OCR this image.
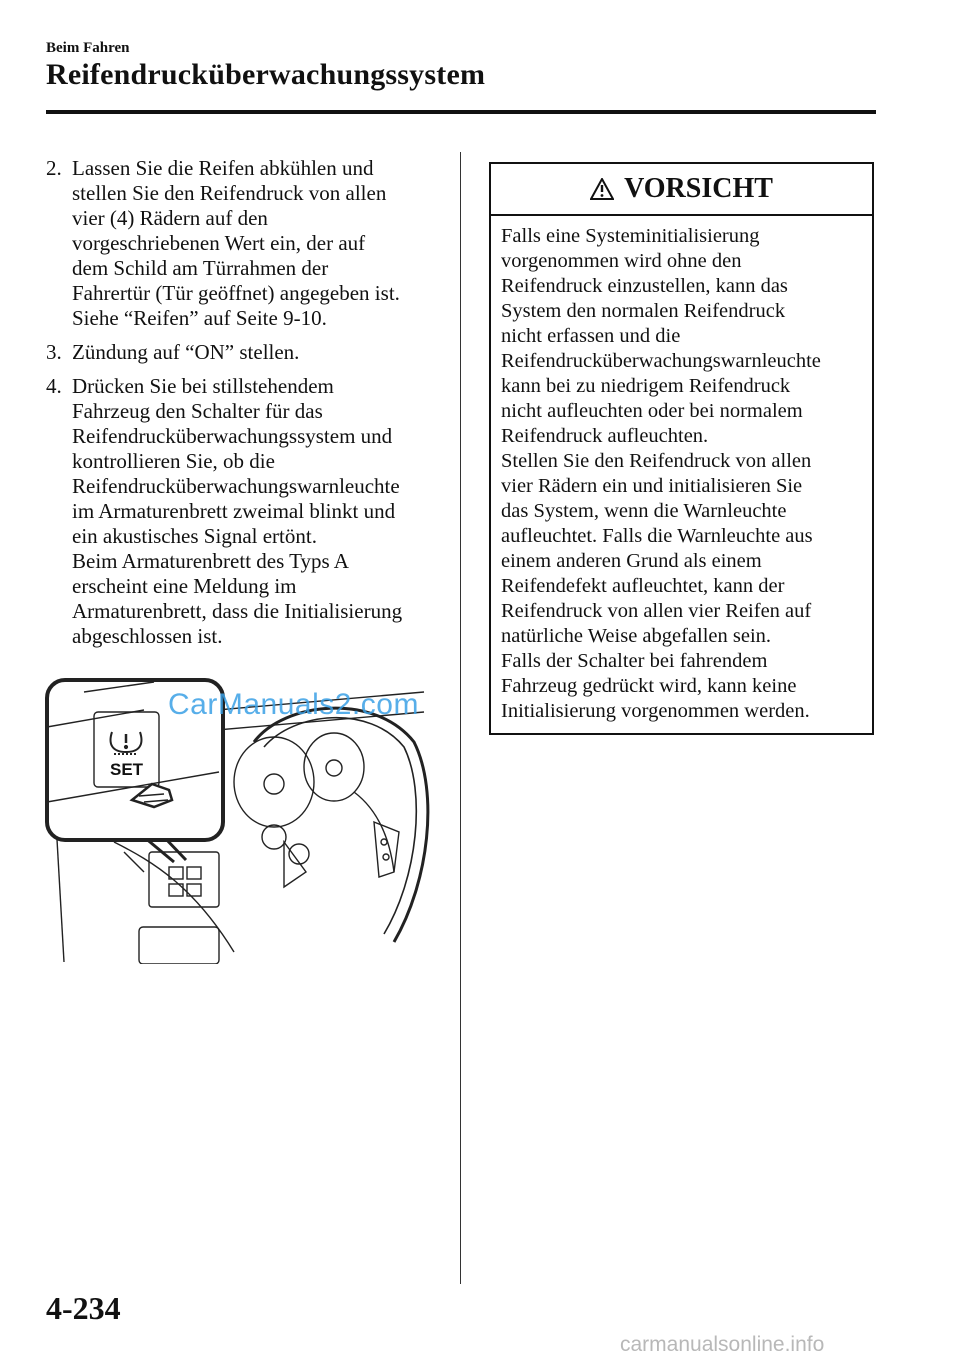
Beim Fahren
Reifendrucküberwachungssystem
2. Lassen Sie die Reifen abkühlen und
stellen Sie den Reifendruck von allen
vier (4) Rädern auf den
vorgeschriebenen Wert ein, der auf
dem Schild am Türrahmen der
Fahrertür (Tür geöffnet) angegeben ist.
Siehe “Reifen” auf Seite 9-10.
3. Zündung auf “ON” stellen.
4. Drücken Sie bei stillstehendem
Fahrzeug den Schalter für das
Reifendrucküberwachungssystem und
kontrollieren Sie, ob die
Reifendrucküberwachungswarnleuchte
im Armaturenbrett zweimal blinkt und
ein akustisches Signal ertönt.
Beim Armaturenbrett des Typs A
erscheint eine Meldung im
Armaturenbrett, dass die Initialisierung
abgeschlossen ist.
SET
CarManuals2.com
VORSICHT
Falls eine Systeminitialisierung
vorgenommen wird ohne den
Reifendruck einzustellen, kann das
System den normalen Reifendruck
nicht erfassen und die
Reifendrucküberwachungswarnleuchte
kann bei zu niedrigem Reifendruck
nicht aufleuchten oder bei normalem
Reifendruck aufleuchten.
Stellen Sie den Reifendruck von allen
vier Rädern ein und initialisieren Sie
das System, wenn die Warnleuchte
aufleuchtet. Falls die Warnleuchte aus
einem anderen Grund als einem
Reifendefekt aufleuchtet, kann der
Reifendruck von allen vier Reifen auf
natürliche Weise abgefallen sein.
Falls der Schalter bei fahrendem
Fahrzeug gedrückt wird, kann keine
Initialisierung vorgenommen werden.
4-234
carmanualsonline.info
